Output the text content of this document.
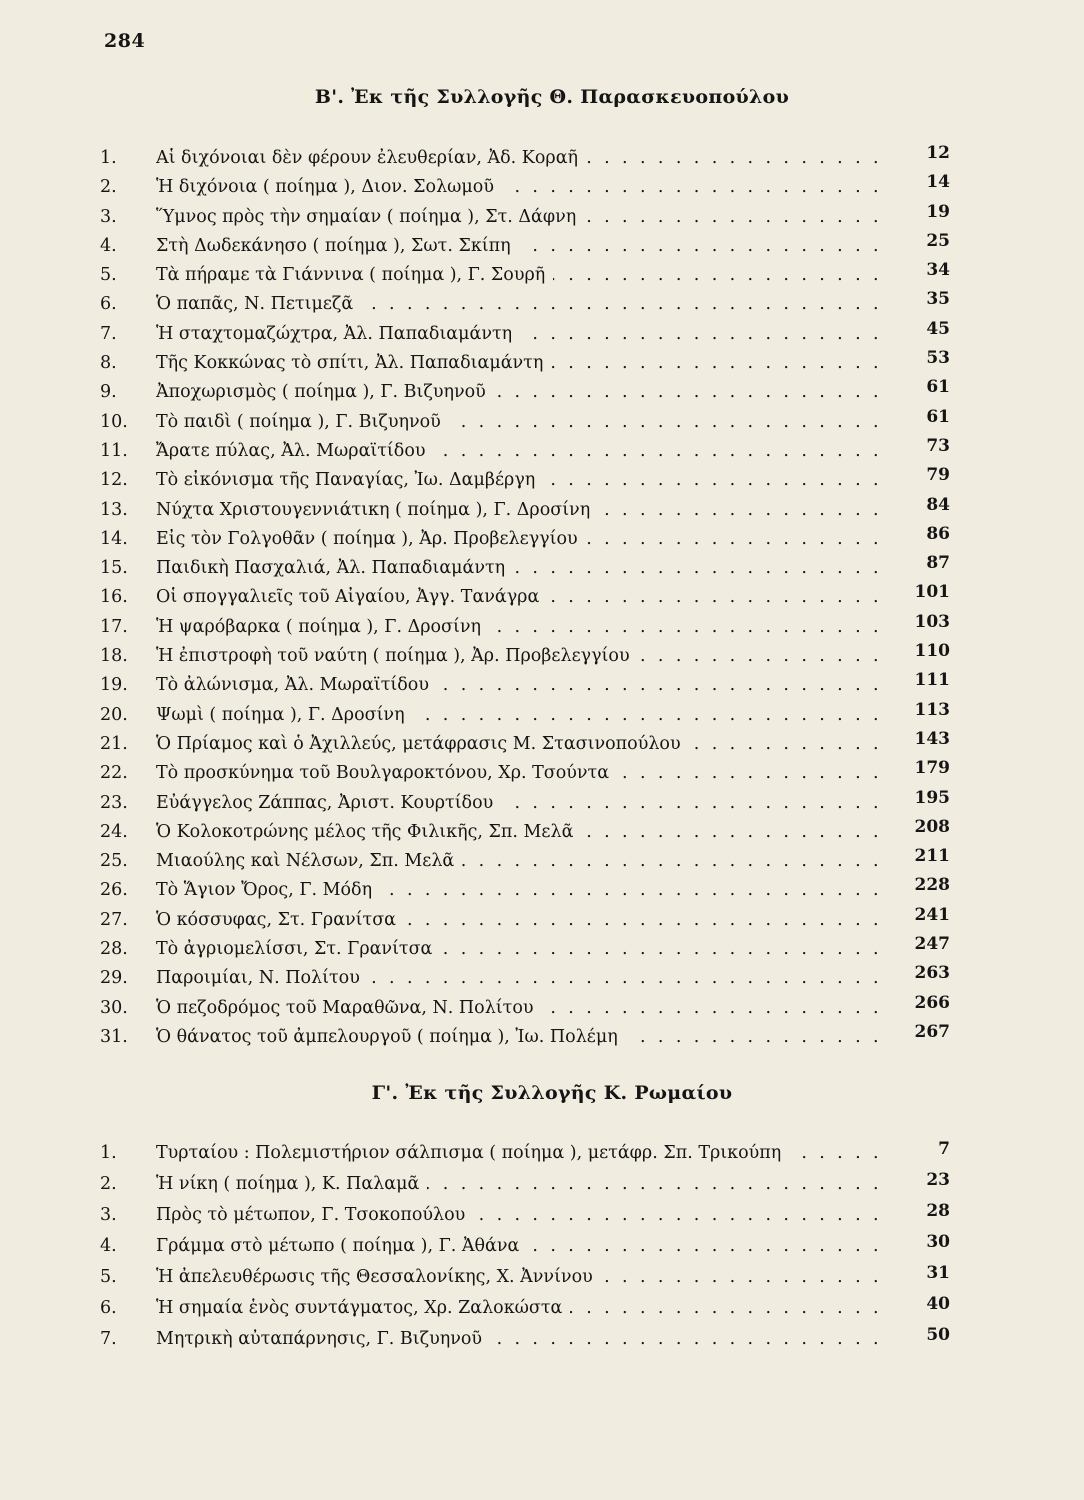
284
Β'. Ἐκ τῆς Συλλογῆς Θ. Παρασκευοπούλου
1.	Αἱ διχόνοιαι δὲν φέρουν ἐλευθερίαν, Ἀδ. Κοραῆ . . .	12
2.	Ἡ διχόνοια ( ποίημα ), Διον. Σολωμοῦ . . .	14
3.	Ὕμνος πρὸς τὴν σημαίαν ( ποίημα ), Στ. Δάφνη . . .	19
4.	Στὴ Δωδεκάνησο ( ποίημα ), Σωτ. Σκίπη . . .	25
5.	Τὰ πήραμε τὰ Γιάννινα ( ποίημα ), Γ. Σουρῆ . . .	34
6.	Ὁ παπᾶς, Ν. Πετιμεζᾶ . . .	35
7.	Ἡ σταχτομαζώχτρα, Ἀλ. Παπαδιαμάντη . . .	45
8.	Τῆς Κοκκώνας τὸ σπίτι, Ἀλ. Παπαδιαμάντη . . .	53
9.	Ἀποχωρισμὸς ( ποίημα ), Γ. Βιζυηνοῦ . . .	61
10.	Τὸ παιδὶ ( ποίημα ), Γ. Βιζυηνοῦ . . .	61
11.	Ἄρατε πύλας, Ἀλ. Μωραϊτίδου . . .	73
12.	Τὸ εἰκόνισμα τῆς Παναγίας, Ἰω. Δαμβέργη . . .	79
13.	Νύχτα Χριστουγεννιάτικη ( ποίημα ), Γ. Δροσίνη . . .	84
14.	Εἰς τὸν Γολγοθᾶν ( ποίημα ), Ἀρ. Προβελεγγίου . . .	86
15.	Παιδικὴ Πασχαλιά, Ἀλ. Παπαδιαμάντη . . .	87
16.	Οἱ σπογγαλιεῖς τοῦ Αἰγαίου, Ἀγγ. Τανάγρα . . .	101
17.	Ἡ ψαρόβαρκα ( ποίημα ), Γ. Δροσίνη . . .	103
18.	Ἡ ἐπιστροφὴ τοῦ ναύτη ( ποίημα ), Ἀρ. Προβελεγγίου . . .	110
19.	Τὸ ἀλώνισμα, Ἀλ. Μωραϊτίδου . . .	111
20.	Ψωμὶ ( ποίημα ), Γ. Δροσίνη . . .	113
21.	Ὁ Πρίαμος καὶ ὁ Ἀχιλλεύς, μετάφρασις Μ. Στασινοπούλου . . .	143
22.	Τὸ προσκύνημα τοῦ Βουλγαροκτόνου, Χρ. Τσούντα . . .	179
23.	Εὐάγγελος Ζάππας, Ἀριστ. Κουρτίδου . . .	195
24.	Ὁ Κολοκοτρώνης μέλος τῆς Φιλικῆς, Σπ. Μελᾶ . . .	208
25.	Μιαούλης καὶ Νέλσων, Σπ. Μελᾶ . . .	211
26.	Τὸ Ἅγιον Ὄρος, Γ. Μόδη . . .	228
27.	Ὁ κόσσυφας, Στ. Γρανίτσα . . .	241
28.	Τὸ ἀγριομελίσσι, Στ. Γρανίτσα . . .	247
29.	Παροιμίαι, Ν. Πολίτου . . .	263
30.	Ὁ πεζοδρόμος τοῦ Μαραθῶνα, Ν. Πολίτου . . .	266
31.	Ὁ θάνατος τοῦ ἀμπελουργοῦ ( ποίημα ), Ἰω. Πολέμη . . .	267
Γ'. Ἐκ τῆς Συλλογῆς Κ. Ρωμαίου
1.	Τυρταίου : Πολεμιστήριον σάλπισμα ( ποίημα ), μετάφρ. Σπ. Τρικούπη . . .	7
2.	Ἡ νίκη ( ποίημα ), Κ. Παλαμᾶ . . .	23
3.	Πρὸς τὸ μέτωπον, Γ. Τσοκοπούλου . . .	28
4.	Γράμμα στὸ μέτωπο ( ποίημα ), Γ. Ἀθάνα . . .	30
5.	Ἡ ἀπελευθέρωσις τῆς Θεσσαλονίκης, Χ. Ἀννίνου . . .	31
6.	Ἡ σημαία ἑνὸς συντάγματος, Χρ. Ζαλοκώστα . . .	40
7.	Μητρικὴ αὐταπάρνησις, Γ. Βιζυηνοῦ . . .	50
